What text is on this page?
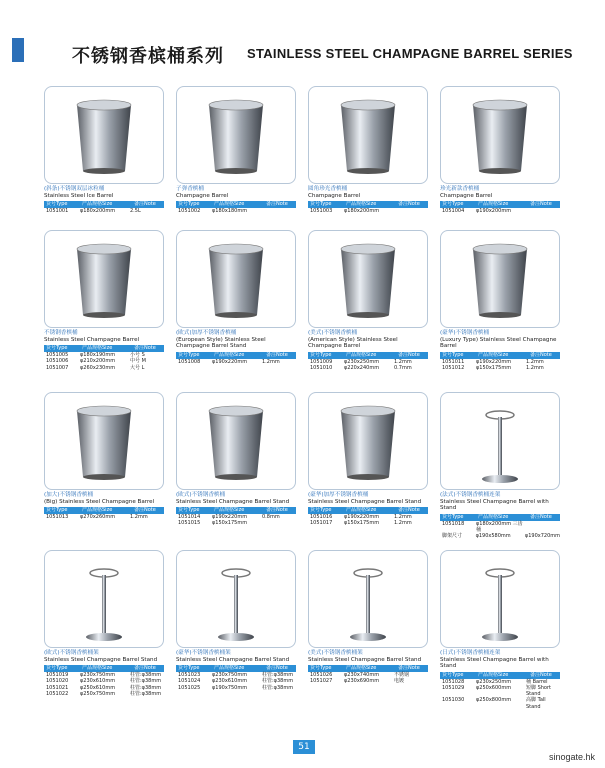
不锈钢香槟桶系列 STAINLESS STEEL CHAMPAGNE BARREL SERIES
(斜条)不锈钢双层冰粒桶
Stainless Steel Ice Barrel
货号Type	产品规格Size	备注Note
1051001	φ180x200mm	2.5L
子弹香槟桶
Champagne Barrel
货号Type	产品规格Size	备注Note
1051002	φ180x180mm
圆角珍光香槟桶
Champagne Barrel
货号Type	产品规格Size	备注Note
1051003	φ180x200mm
珍光新款香槟桶
Champagne Barrel
货号Type	产品规格Size	备注Note
1051004	φ190x200mm
不锈钢香槟桶
Stainless Steel Champagne Barrel
货号Type	产品规格Size	备注Note
1051005	φ180x190mm	小号 S
1051006	φ210x200mm	中号 M
1051007	φ260x230mm	大号 L
(欧式)加厚不锈钢香槟桶
(European Style) Stainless Steel Champagne Barrel Stand
货号Type	产品规格Size	备注Note
1051008	φ190x220mm	1.2mm
(美式)不锈钢香槟桶
(American Style) Stainless Steel Champagne Barrel
货号Type	产品规格Size	备注Note
1051009	φ230x250mm	1.2mm
1051010	φ220x240mm	0.7mm
(豪华)不锈钢香槟桶
(Luxury Type) Stainless Steel Champagne Barrel
货号Type	产品规格Size	备注Note
1051011	φ190x220mm	1.2mm
1051012	φ150x175mm	1.2mm
(加大)不锈钢香槟桶
(Big) Stainless Steel Champagne Barrel
货号Type	产品规格Size	备注Note
1051013	φ270x260mm	1.2mm
(欧式)不锈钢香槟桶
Stainless Steel Champagne Barrel Stand
货号Type	产品规格Size	备注Note
1051014	φ190x220mm	0.8mm
1051015	φ150x175mm
(豪华)加厚不锈钢香槟桶
Stainless Steel Champagne Barrel Stand
货号Type	产品规格Size	备注Note
1051016	φ190x220mm	1.2mm
1051017	φ150x175mm	1.2mm
(法式)不锈钢香槟桶连架
Stainless Steel Champagne Barrel with Stand
货号Type	产品规格Size	备注Note
1051018	φ180x200mm 三齿桶
脚架尺寸	φ190x580mm	φ190x720mm
(欧式)不锈钢香槟桶架
Stainless Steel Champagne Barrel Stand
货号Type	产品规格Size	备注Note
1051019	φ230x750mm	柱管:φ38mm
1051020	φ230x610mm	柱管:φ38mm
1051021	φ250x610mm	柱管:φ38mm
1051022	φ250x750mm	柱管:φ38mm
(豪华)不锈钢香槟桶架
Stainless Steel Champagne Barrel Stand
货号Type	产品规格Size	备注Note
1051023	φ230x750mm	柱管:φ38mm
1051024	φ230x610mm	柱管:φ38mm
1051025	φ190x750mm	柱管:φ38mm
(美式)不锈钢香槟桶架
Stainless Steel Champagne Barrel Stand
货号Type	产品规格Size	备注Note
1051026	φ230x740mm	不锈钢
1051027	φ230x690mm	电镀
(日式)不锈钢香槟桶连架
Stainless Steel Champagne Barrel with Stand
货号Type	产品规格Size	备注Note
1051028	φ230x250mm	桶 Barrel
1051029	φ250x600mm	短脚 Short Stand
1051030	φ250x800mm	高脚 Tall Stand
51
sinogate.hk
